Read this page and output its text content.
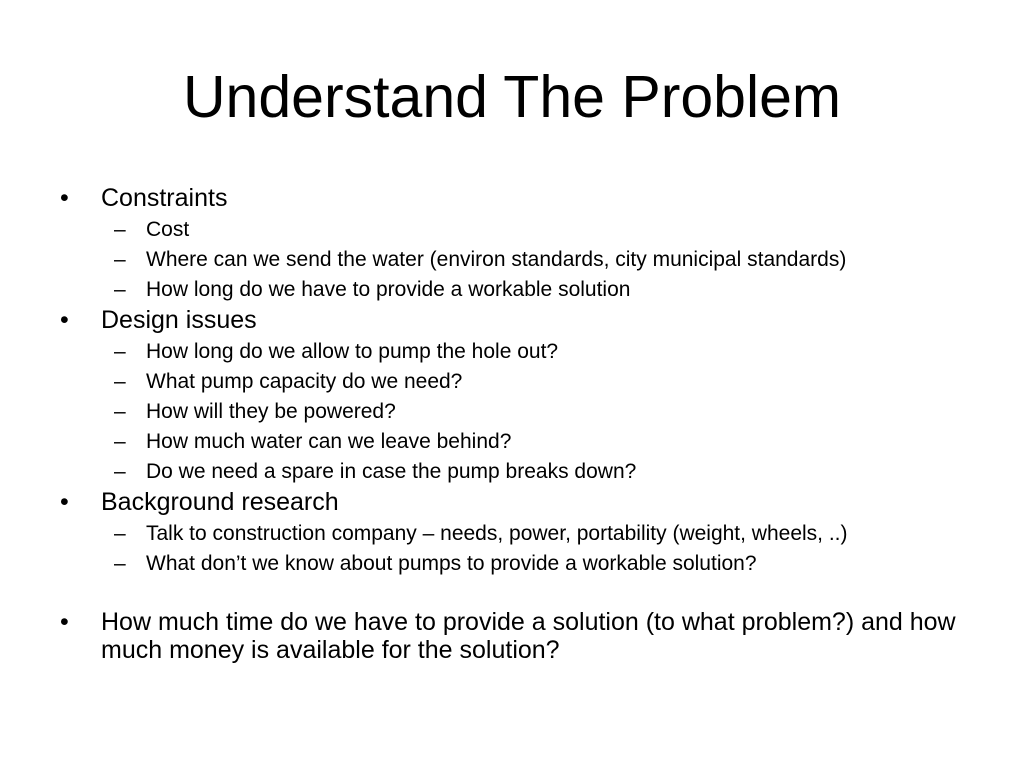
Understand The Problem
•	Constraints
– Cost
– Where can we send the water (environ standards, city municipal standards)
– How long do we have to provide a workable solution
•	Design issues
– How long do we allow to pump the hole out?
– What pump capacity do we need?
– How will they be powered?
– How much water can we leave behind?
– Do we need a spare in case the pump breaks down?
•	Background research
– Talk to construction company – needs, power, portability (weight, wheels, ..)
– What don’t we know about pumps to provide a workable solution?
•	How much time do we have to provide a solution (to what problem?) and how much money is available for the solution?
